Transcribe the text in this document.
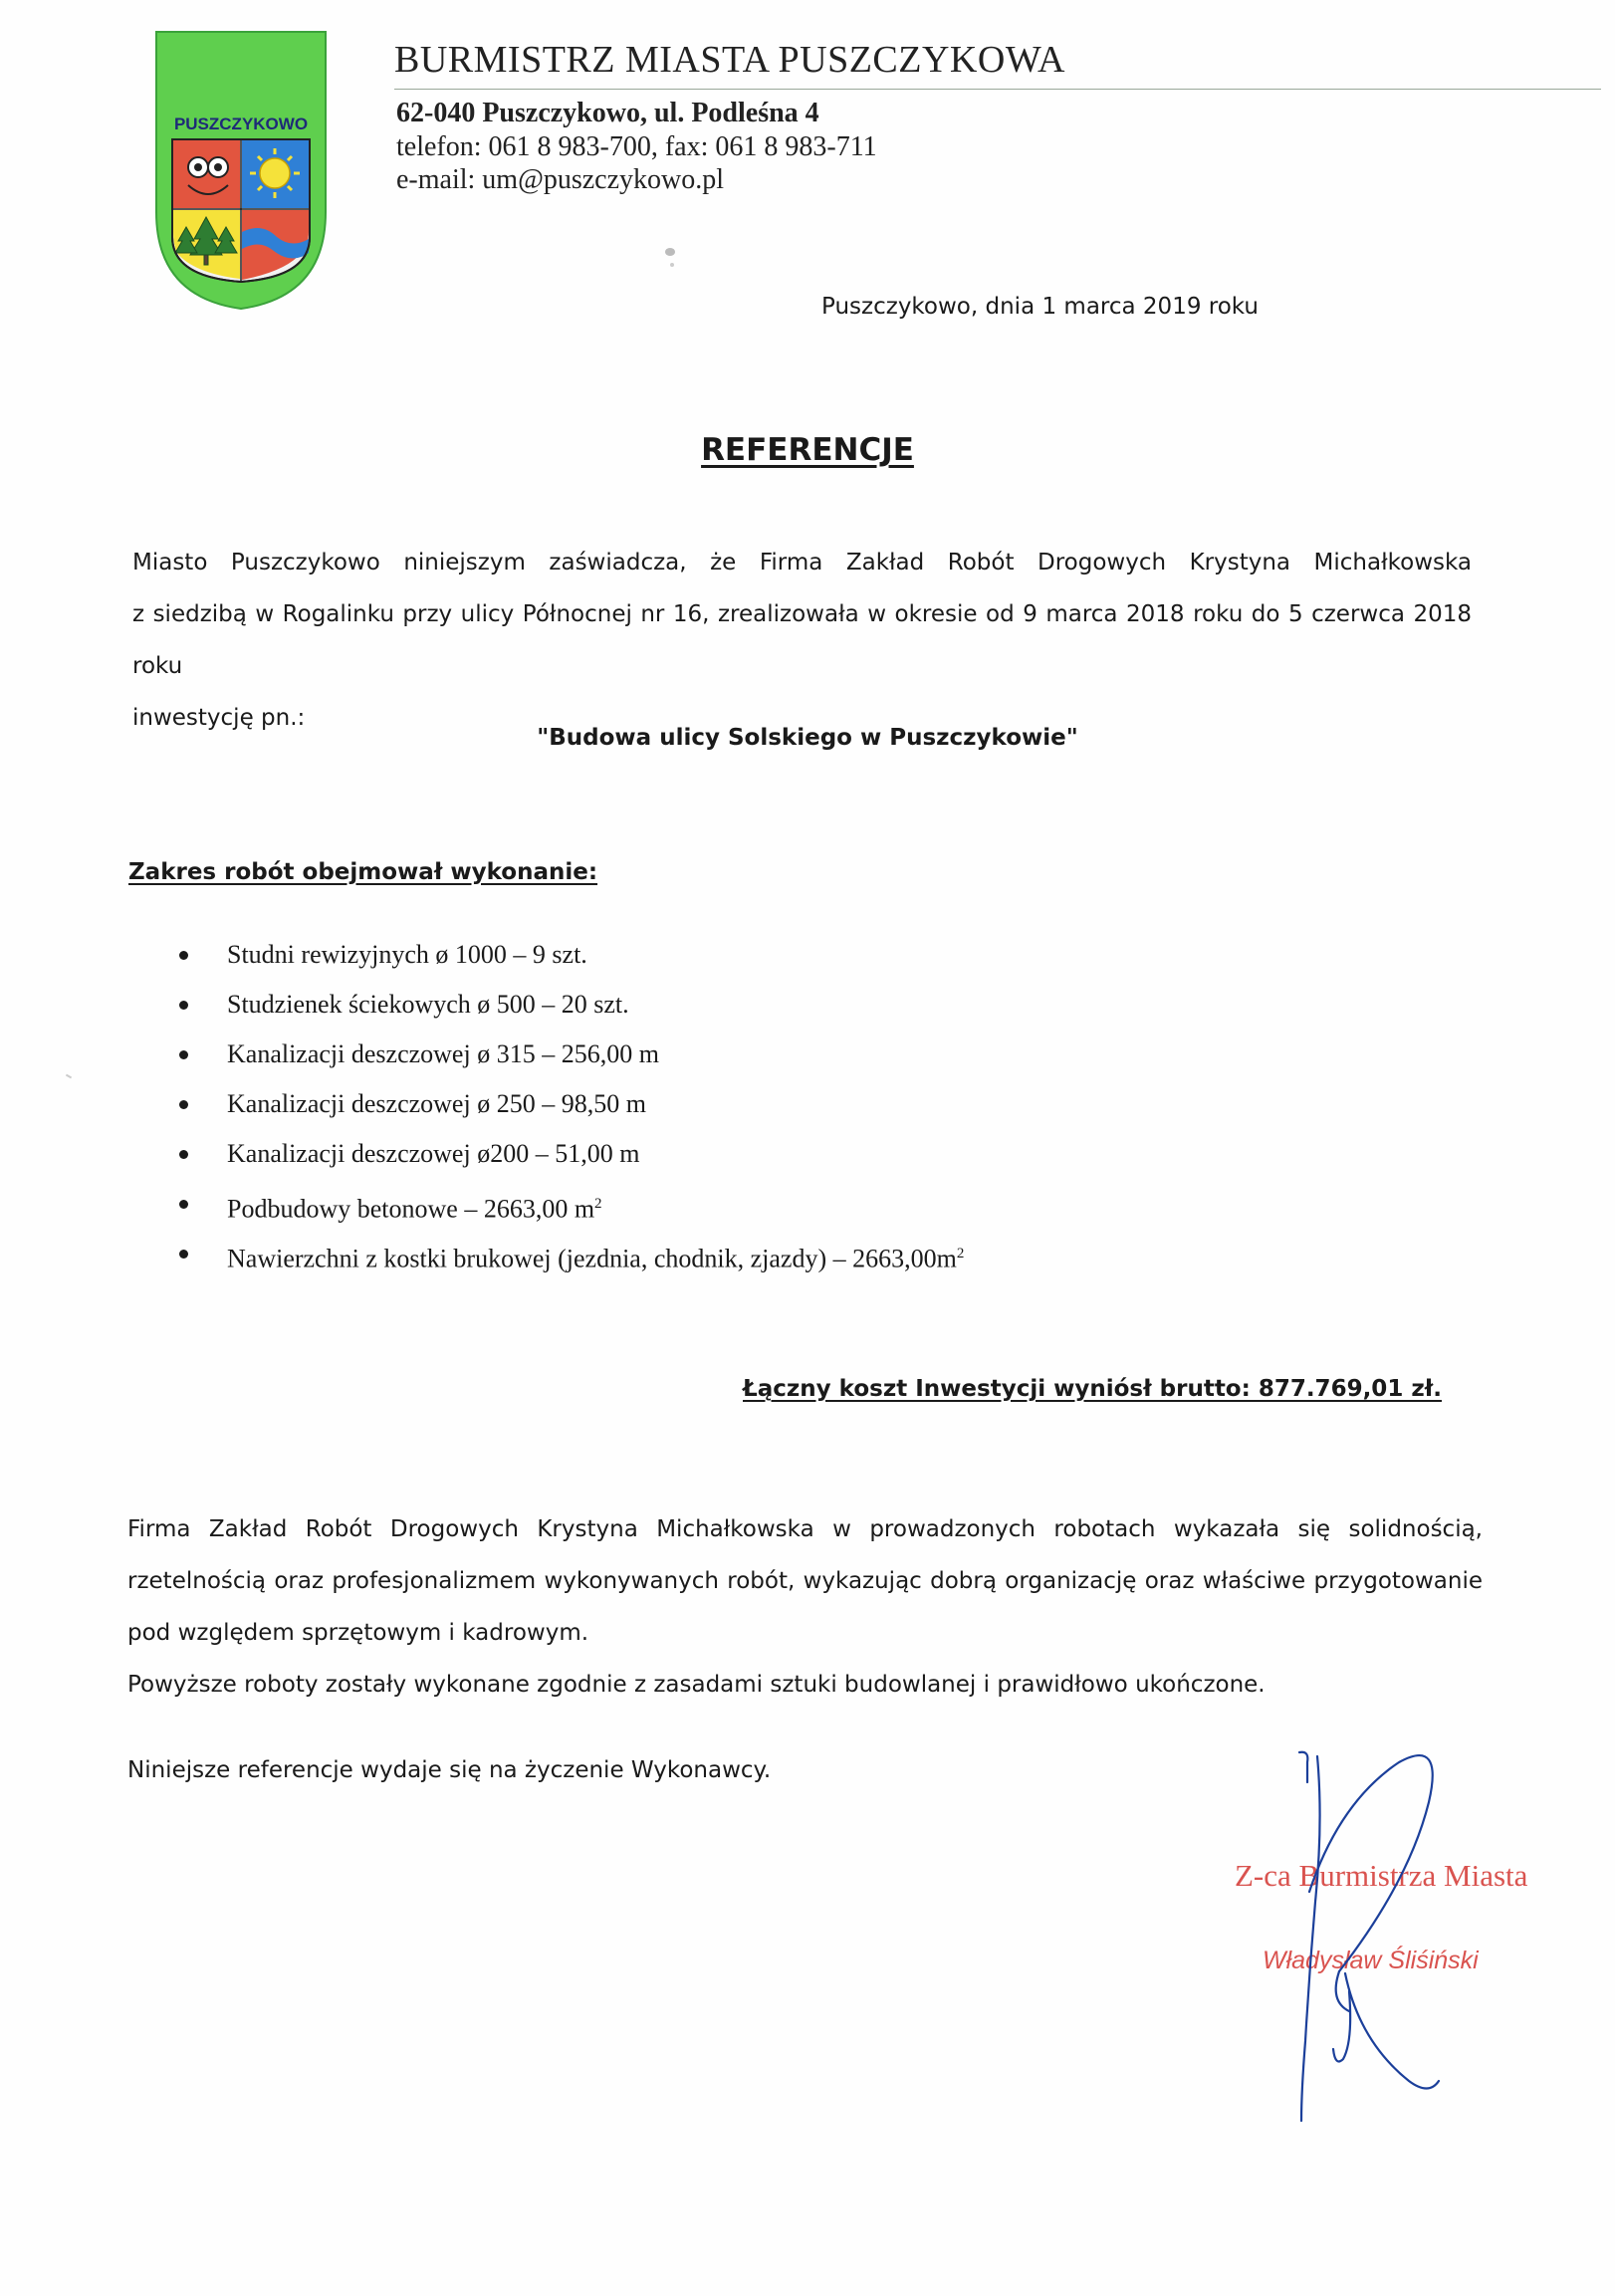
PUSZCZYKOWO
BURMISTRZ MIASTA PUSZCZYKOWA
62-040 Puszczykowo, ul. Podleśna 4
telefon: 061 8 983-700, fax: 061 8 983-711
e-mail: um@puszczykowo.pl
Puszczykowo, dnia 1 marca 2019 roku
REFERENCJE
Miasto Puszczykowo niniejszym zaświadcza, że Firma Zakład Robót Drogowych Krystyna Michałkowska
z siedzibą w Rogalinku przy ulicy Północnej nr 16, zrealizowała w okresie od 9 marca 2018 roku do 5 czerwca 2018 roku
inwestycję pn.:
"Budowa ulicy Solskiego w Puszczykowie"
Zakres robót obejmował wykonanie:
Studni rewizyjnych ø 1000 – 9 szt.
Studzienek ściekowych ø 500 – 20 szt.
Kanalizacji deszczowej ø 315 – 256,00 m
Kanalizacji deszczowej ø 250 – 98,50 m
Kanalizacji deszczowej ø200 – 51,00 m
Podbudowy betonowe – 2663,00 $m^2$
Nawierzchni z kostki brukowej (jezdnia, chodnik, zjazdy) – $2663,00m^2$
Łączny koszt Inwestycji wyniósł brutto: 877.769,01 zł.
Firma Zakład Robót Drogowych Krystyna Michałkowska w prowadzonych robotach wykazała się solidnością,
rzetelnością oraz profesjonalizmem wykonywanych robót, wykazując dobrą organizację oraz właściwe przygotowanie
pod względem sprzętowym i kadrowym.
Powyższe roboty zostały wykonane zgodnie z zasadami sztuki budowlanej i prawidłowo ukończone.
Niniejsze referencje wydaje się na życzenie Wykonawcy.
Z-ca Burmistrza Miasta
Władysław Śliśiński
